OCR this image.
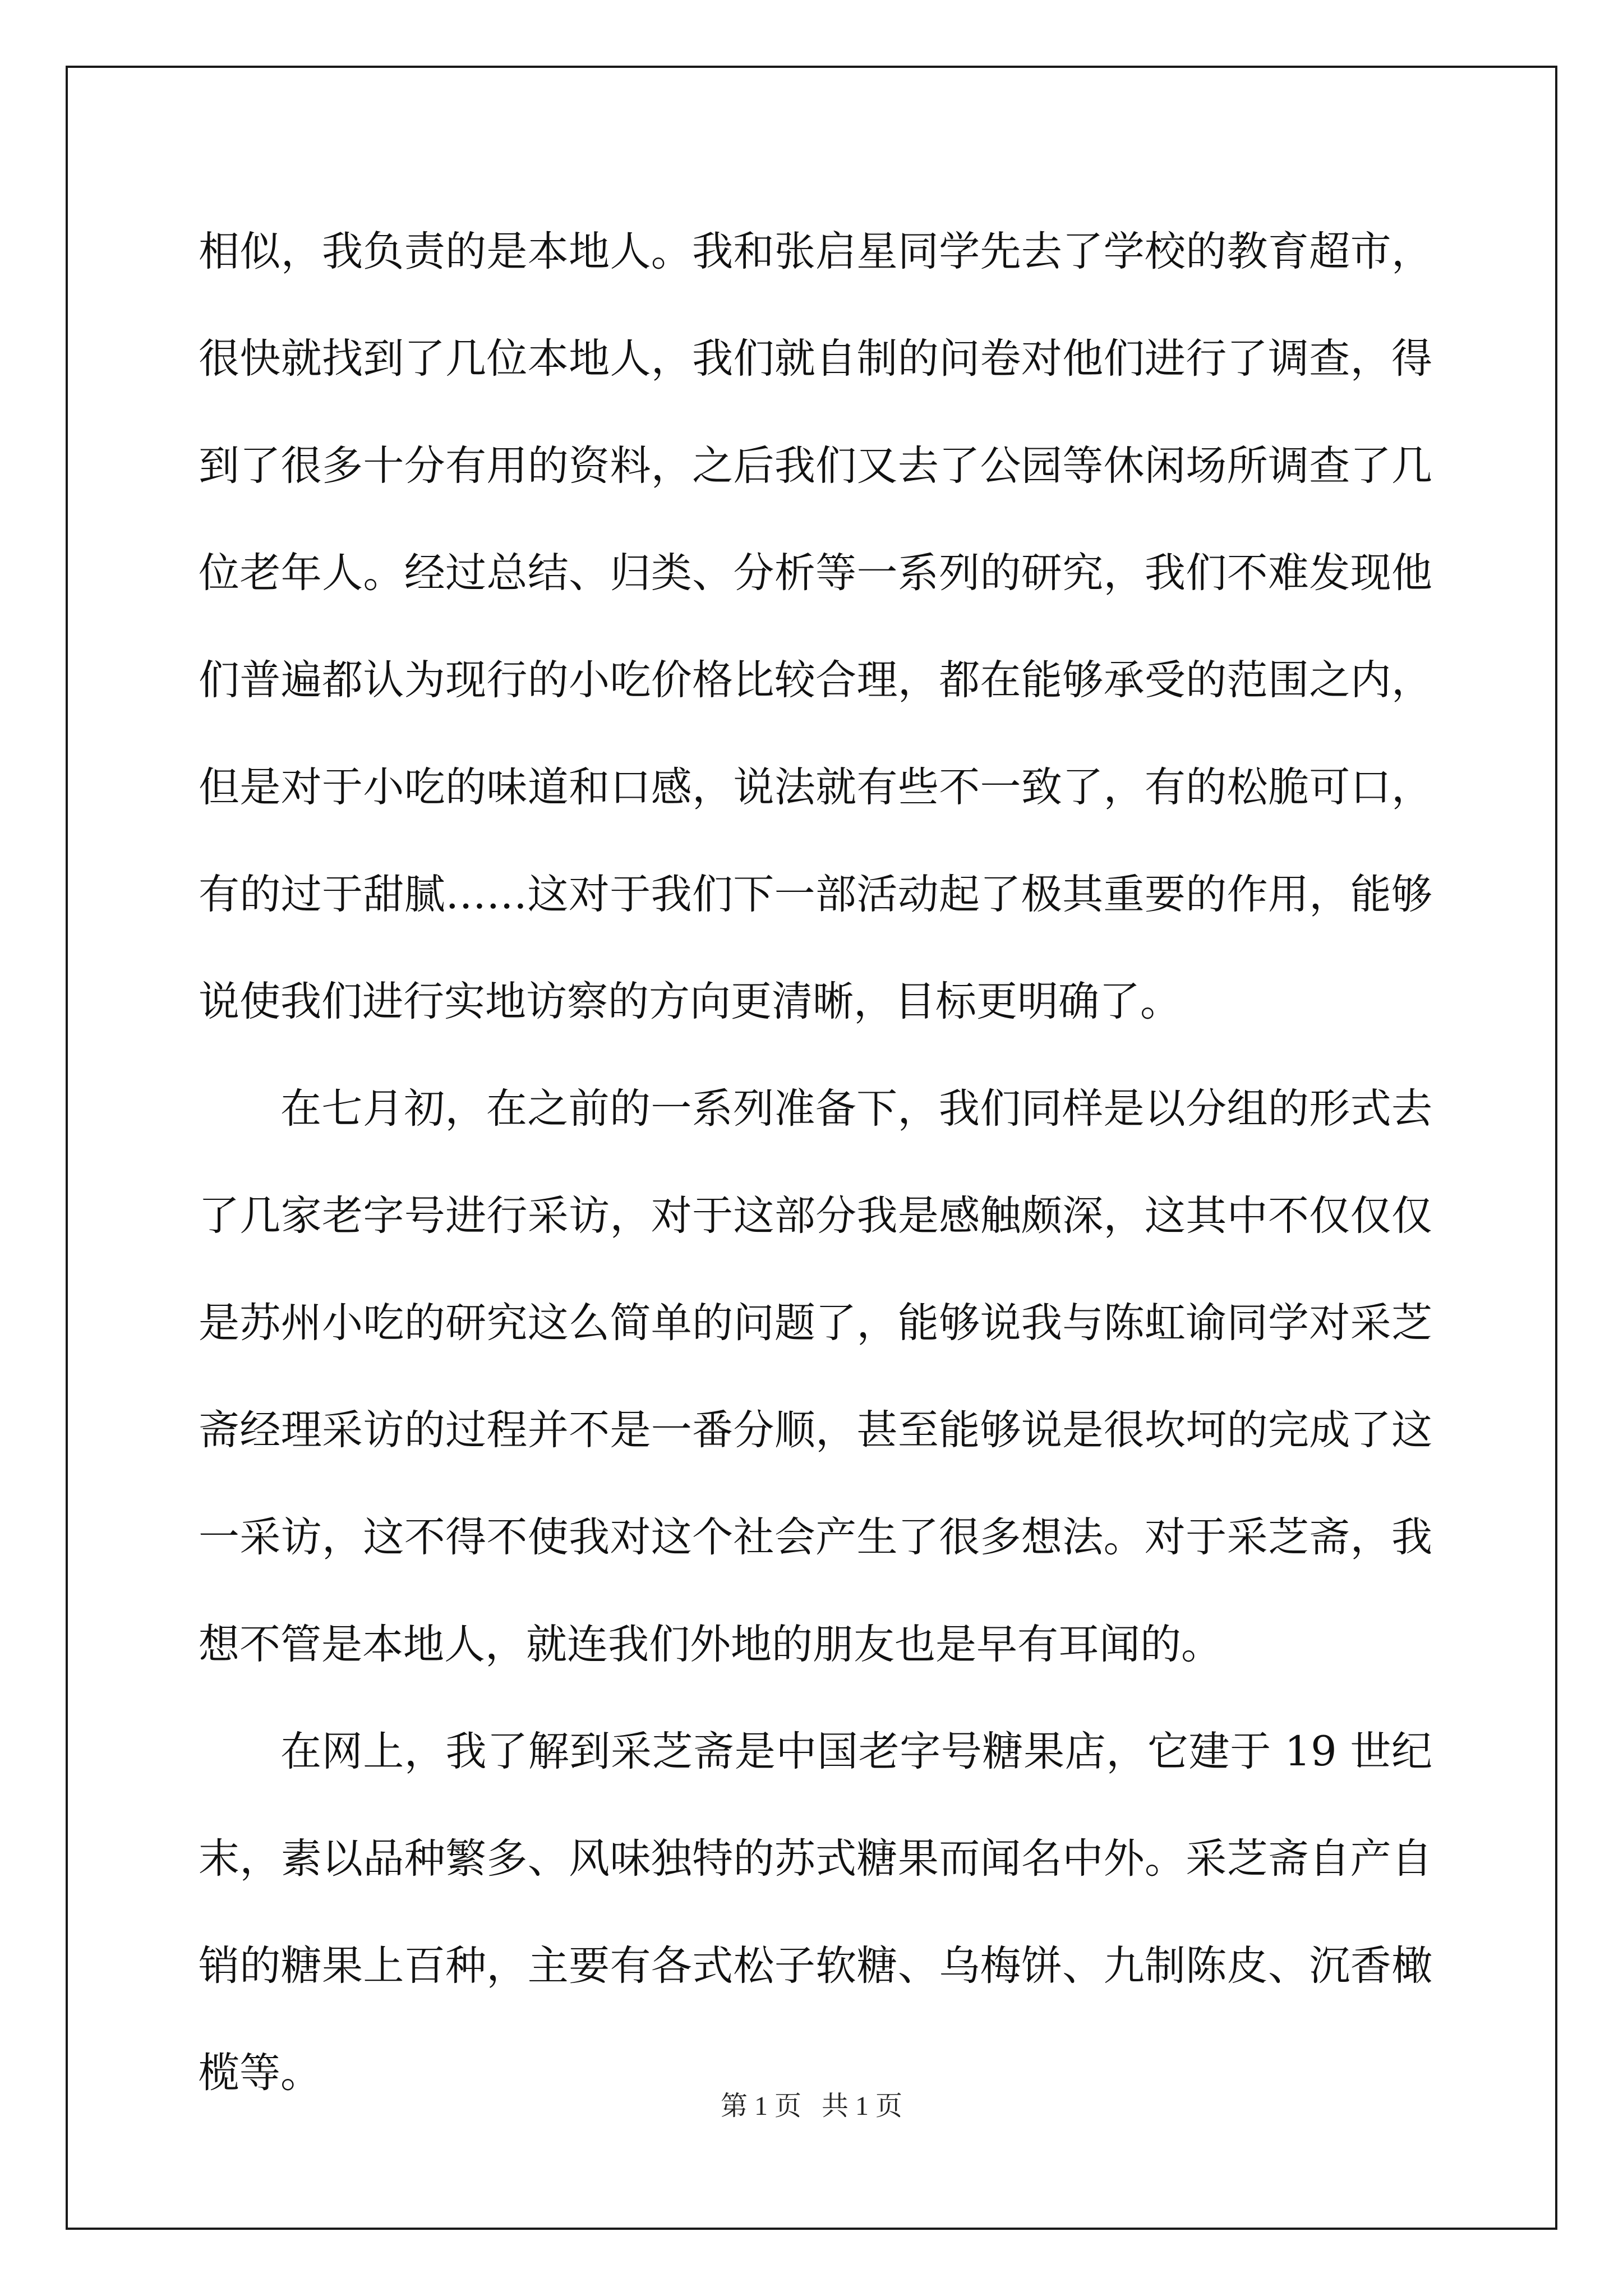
相似，我负责的是本地人。我和张启星同学先去了学校的教育超市，很快就找到了几位本地人，我们就自制的问卷对他们进行了调查，得到了很多十分有用的资料，之后我们又去了公园等休闲场所调查了几位老年人。经过总结、归类、分析等一系列的研究，我们不难发现他们普遍都认为现行的小吃价格比较合理，都在能够承受的范围之内，但是对于小吃的味道和口感，说法就有些不一致了，有的松脆可口，有的过于甜腻……这对于我们下一部活动起了极其重要的作用，能够说使我们进行实地访察的方向更清晰，目标更明确了。

在七月初，在之前的一系列准备下，我们同样是以分组的形式去了几家老字号进行采访，对于这部分我是感触颇深，这其中不仅仅仅是苏州小吃的研究这么简单的问题了，能够说我与陈虹谕同学对采芝斋经理采访的过程并不是一番分顺，甚至能够说是很坎坷的完成了这一采访，这不得不使我对这个社会产生了很多想法。对于采芝斋，我想不管是本地人，就连我们外地的朋友也是早有耳闻的。

在网上，我了解到采芝斋是中国老字号糖果店，它建于 19 世纪末，素以品种繁多、风味独特的苏式糖果而闻名中外。采芝斋自产自销的糖果上百种，主要有各式松子软糖、乌梅饼、九制陈皮、沉香橄榄等。

第 1 页   共 1 页
